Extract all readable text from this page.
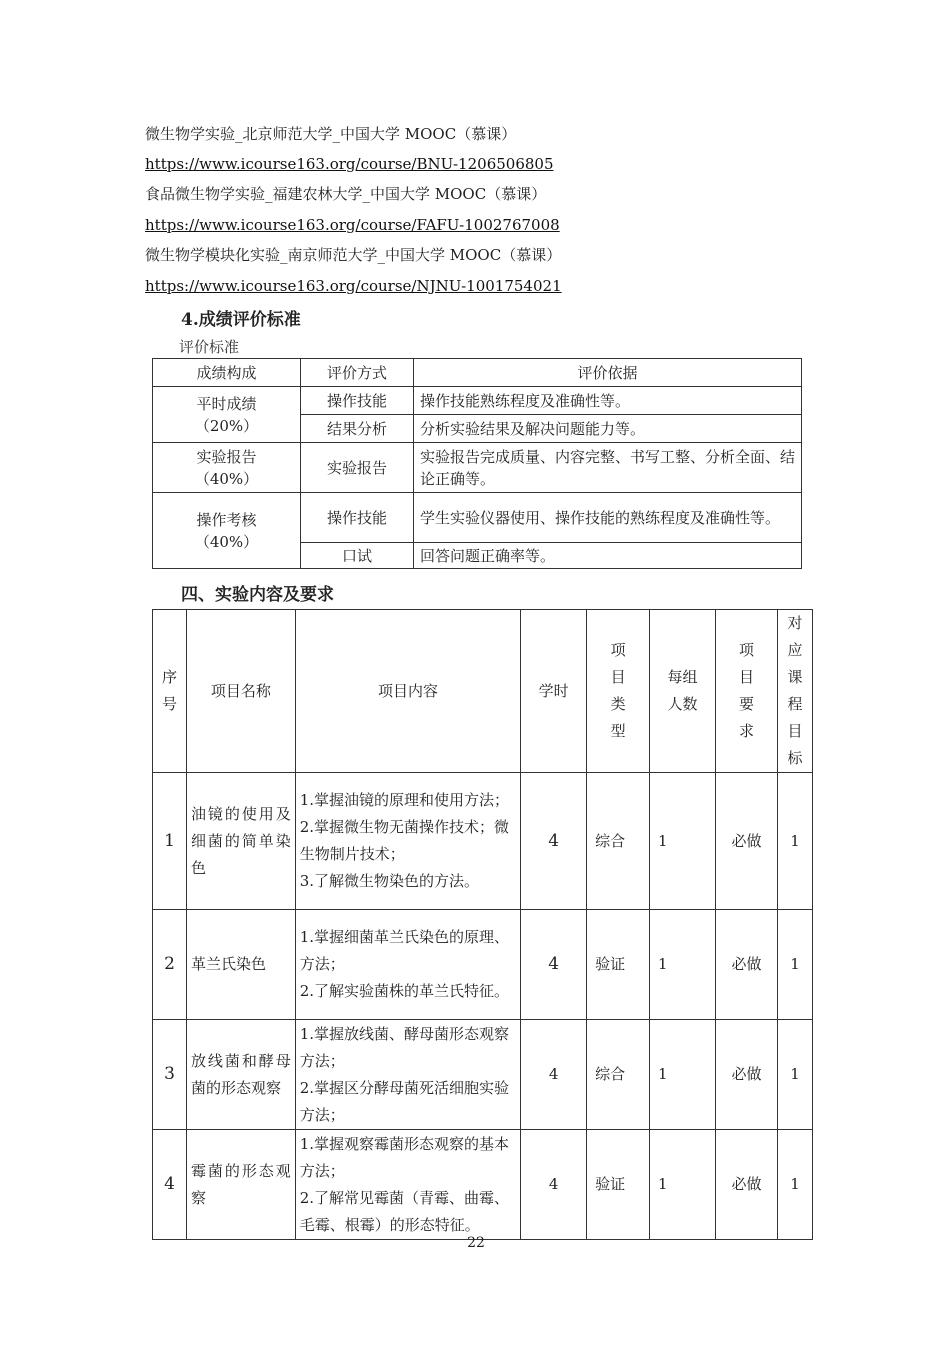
微生物学实验_北京师范大学_中国大学 MOOC（慕课）
https://www.icourse163.org/course/BNU-1206506805
食品微生物学实验_福建农林大学_中国大学 MOOC（慕课）
https://www.icourse163.org/course/FAFU-1002767008
微生物学模块化实验_南京师范大学_中国大学 MOOC（慕课）
https://www.icourse163.org/course/NJNU-1001754021
4.成绩评价标准
评价标准
成绩构成	评价方式	评价依据

平时成绩
（20%）	操作技能	操作技能熟练程度及准确性等。
	结果分析	分析实验结果及解决问题能力等。

实验报告
（40%）	实验报告	实验报告完成质量、内容完整、书写工整、分析全面、结论正确等。

操作考核
（40%）	操作技能	学生实验仪器使用、操作技能的熟练程度及准确性等。
	口试	回答问题正确率等。
四、实验内容及要求
序号	项目名称	项目内容	学时	项目类型	每组人数	项目要求	对应课程目标
1	油镜的使用及细菌的简单染色	1.掌握油镜的原理和使用方法；
2.掌握微生物无菌操作技术；微生物制片技术；
3.了解微生物染色的方法。	4	综合	1	必做	1
2	革兰氏染色	1.掌握细菌革兰氏染色的原理、方法；
2.了解实验菌株的革兰氏特征。	4	验证	1	必做	1
3	放线菌和酵母菌的形态观察	1.掌握放线菌、酵母菌形态观察方法；
2.掌握区分酵母菌死活细胞实验方法；	4	综合	1	必做	1
4	霉菌的形态观察	1.掌握观察霉菌形态观察的基本方法；
2.了解常见霉菌（青霉、曲霉、毛霉、根霉）的形态特征。	4	验证	1	必做	1
22
